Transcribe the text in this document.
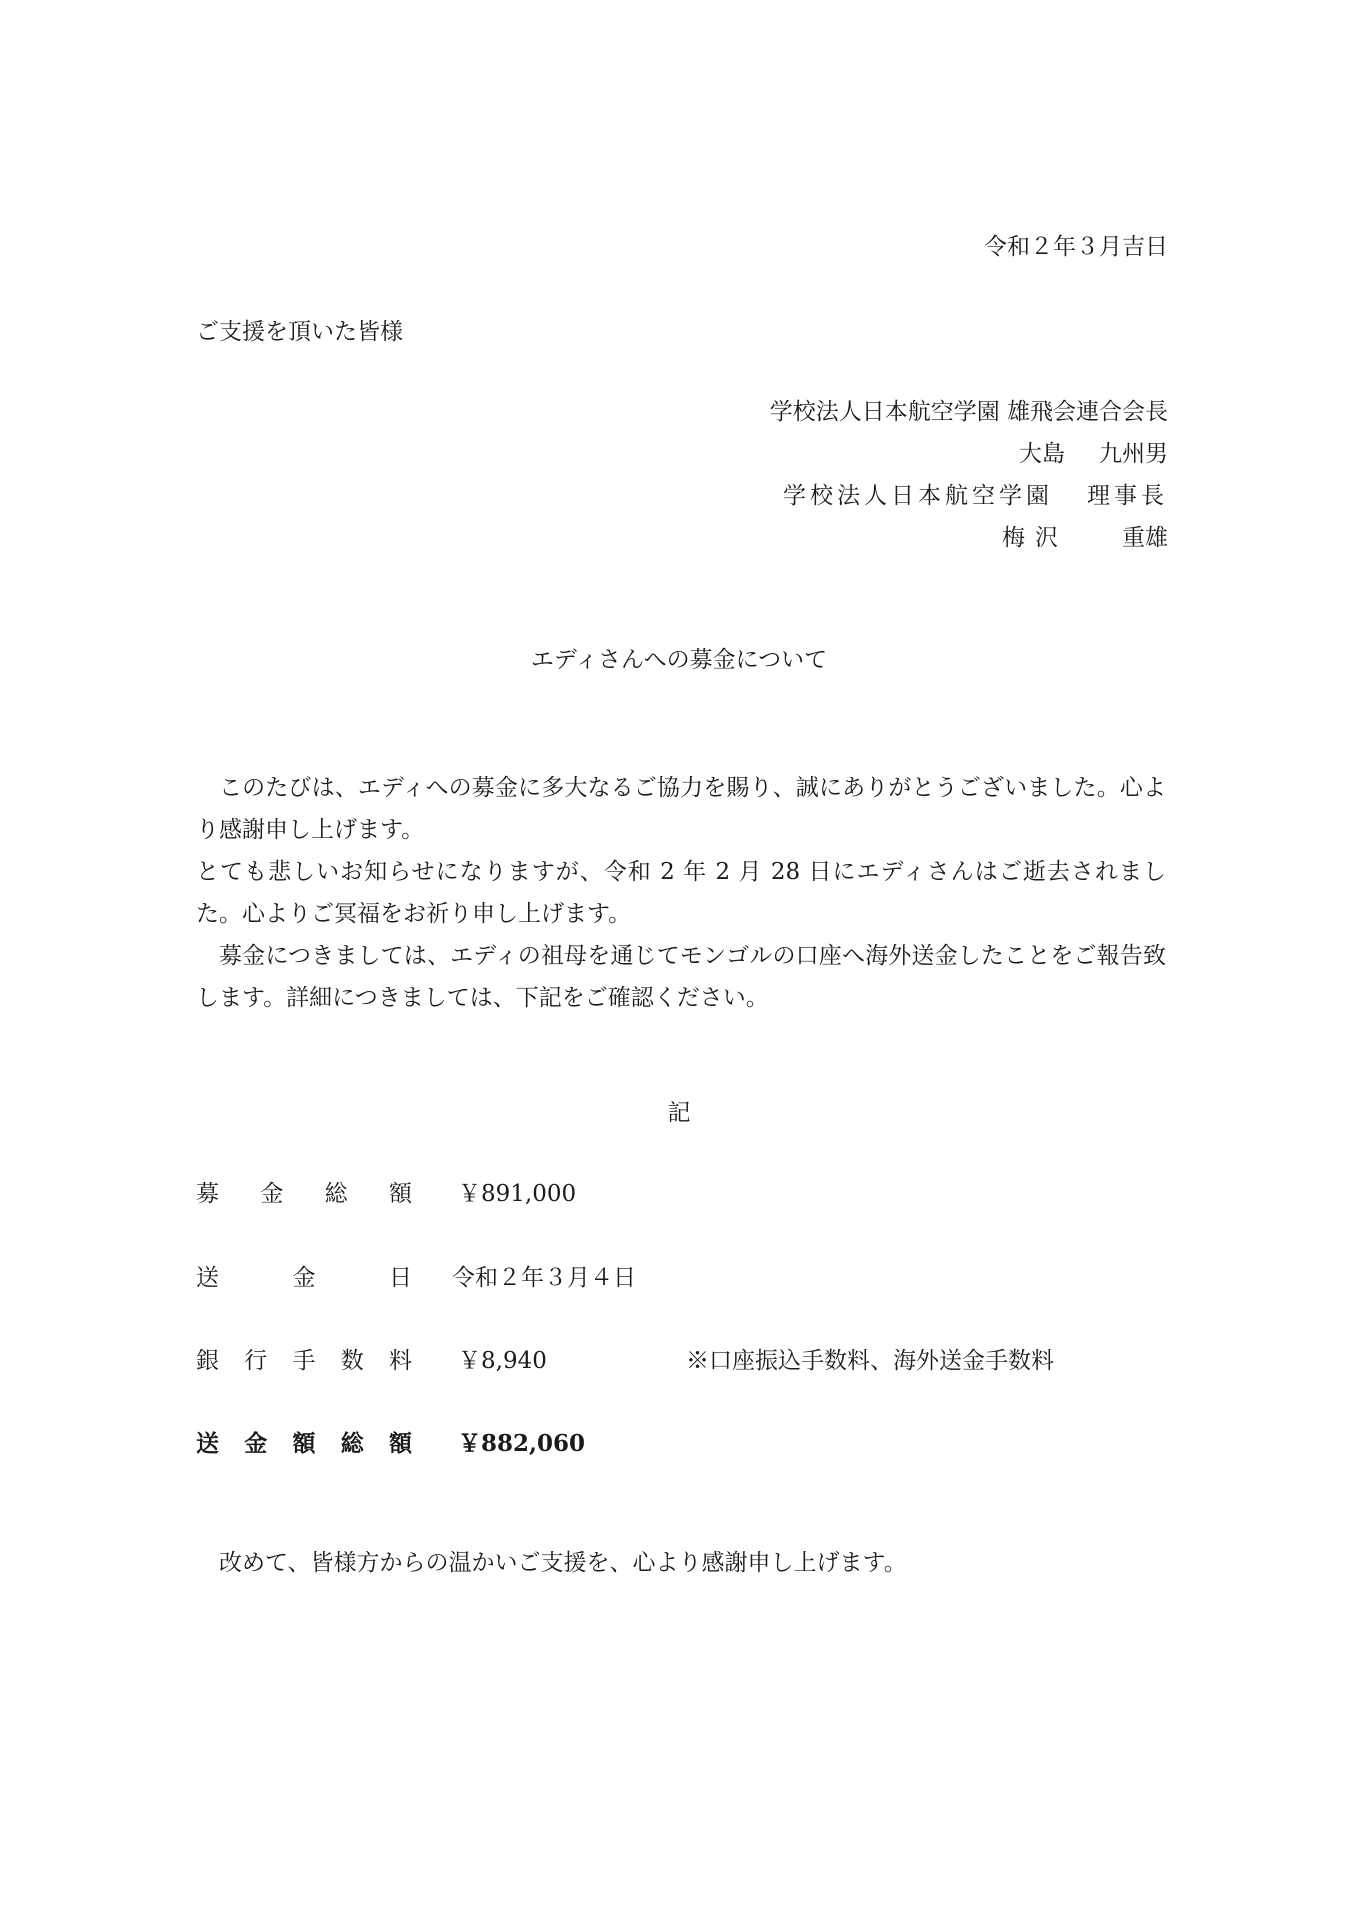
令和２年３月吉日
ご支援を頂いた皆様
学校法人日本航空学園 雄飛会連合会長
大島 九州男
学校法人日本航空学園 理事長
梅沢 重雄
エディさんへの募金について

このたびは、エディへの募金に多大なるご協力を賜り、誠にありがとうございました。心より感謝申し上げます。

とても悲しいお知らせになりますが、令和 2 年 2 月 28 日にエディさんはご逝去されました。心よりご冥福をお祈り申し上げます。

募金につきましては、エディの祖母を通じてモンゴルの口座へ海外送金したことをご報告致します。詳細につきましては、下記をご確認ください。

記
募 金 総 額 ￥891,000
送	金	日 令和２年３月４日
銀 行 手 数 料 ￥8,940	※口座振込手数料、海外送金手数料
送 金 額 総 額 ￥882,060
改めて、皆様方からの温かいご支援を、心より感謝申し上げます。
